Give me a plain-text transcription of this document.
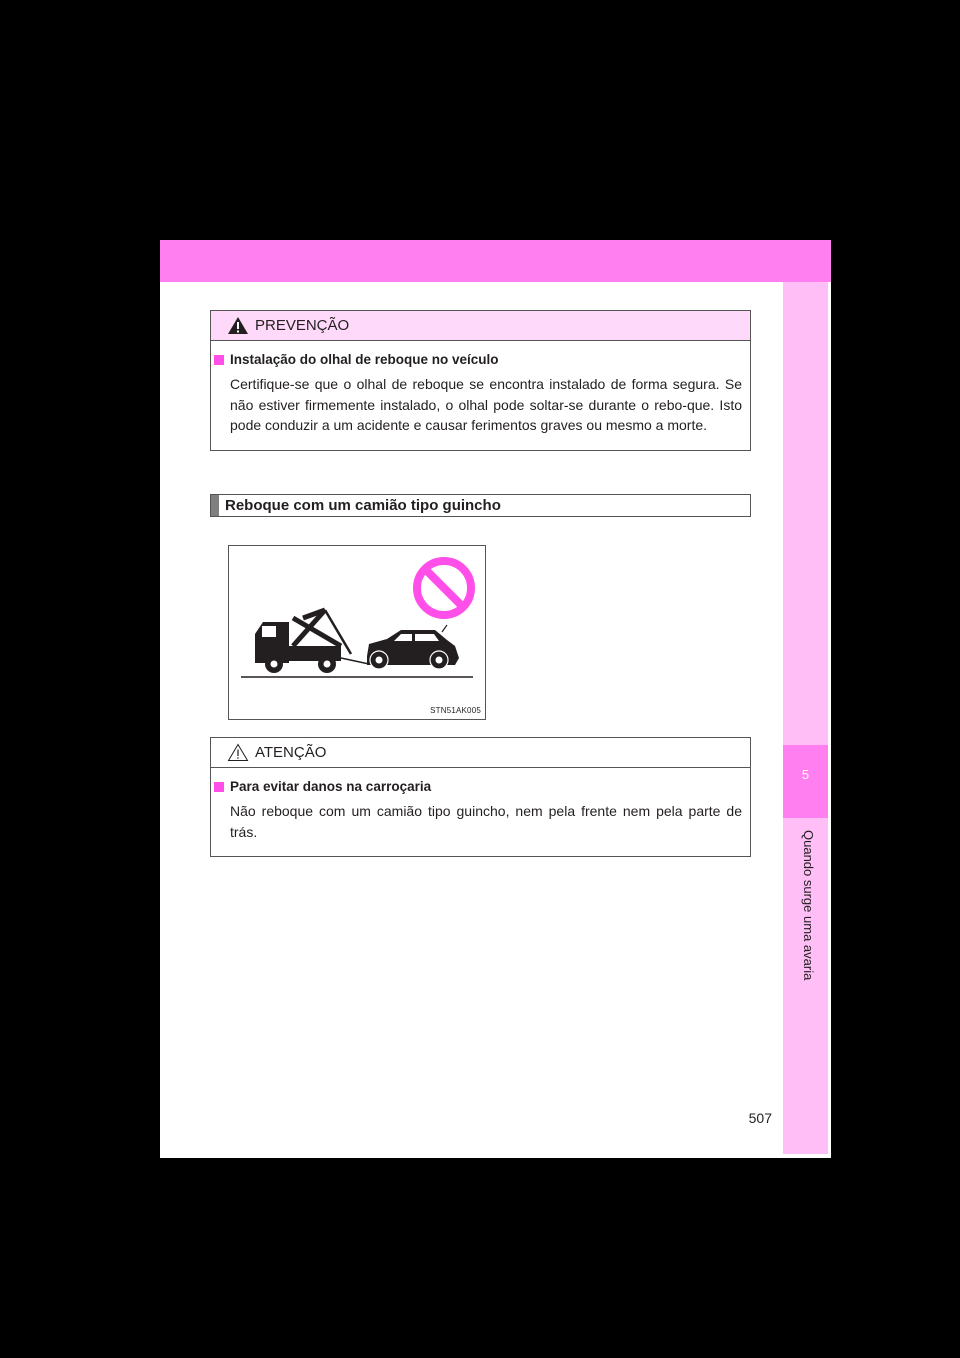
5
Quando surge uma avaria
PREVENÇÃO
Instalação do olhal de reboque no veículo
Certifique-se que o olhal de reboque se encontra instalado de forma segura. Se não estiver firmemente instalado, o olhal pode soltar-se durante o rebo-que. Isto pode conduzir a um acidente e causar ferimentos graves ou mesmo a morte.
Reboque com um camião tipo guincho
STN51AK005
ATENÇÃO
Para evitar danos na carroçaria
Não reboque com um camião tipo guincho, nem pela frente nem pela parte de trás.
507
